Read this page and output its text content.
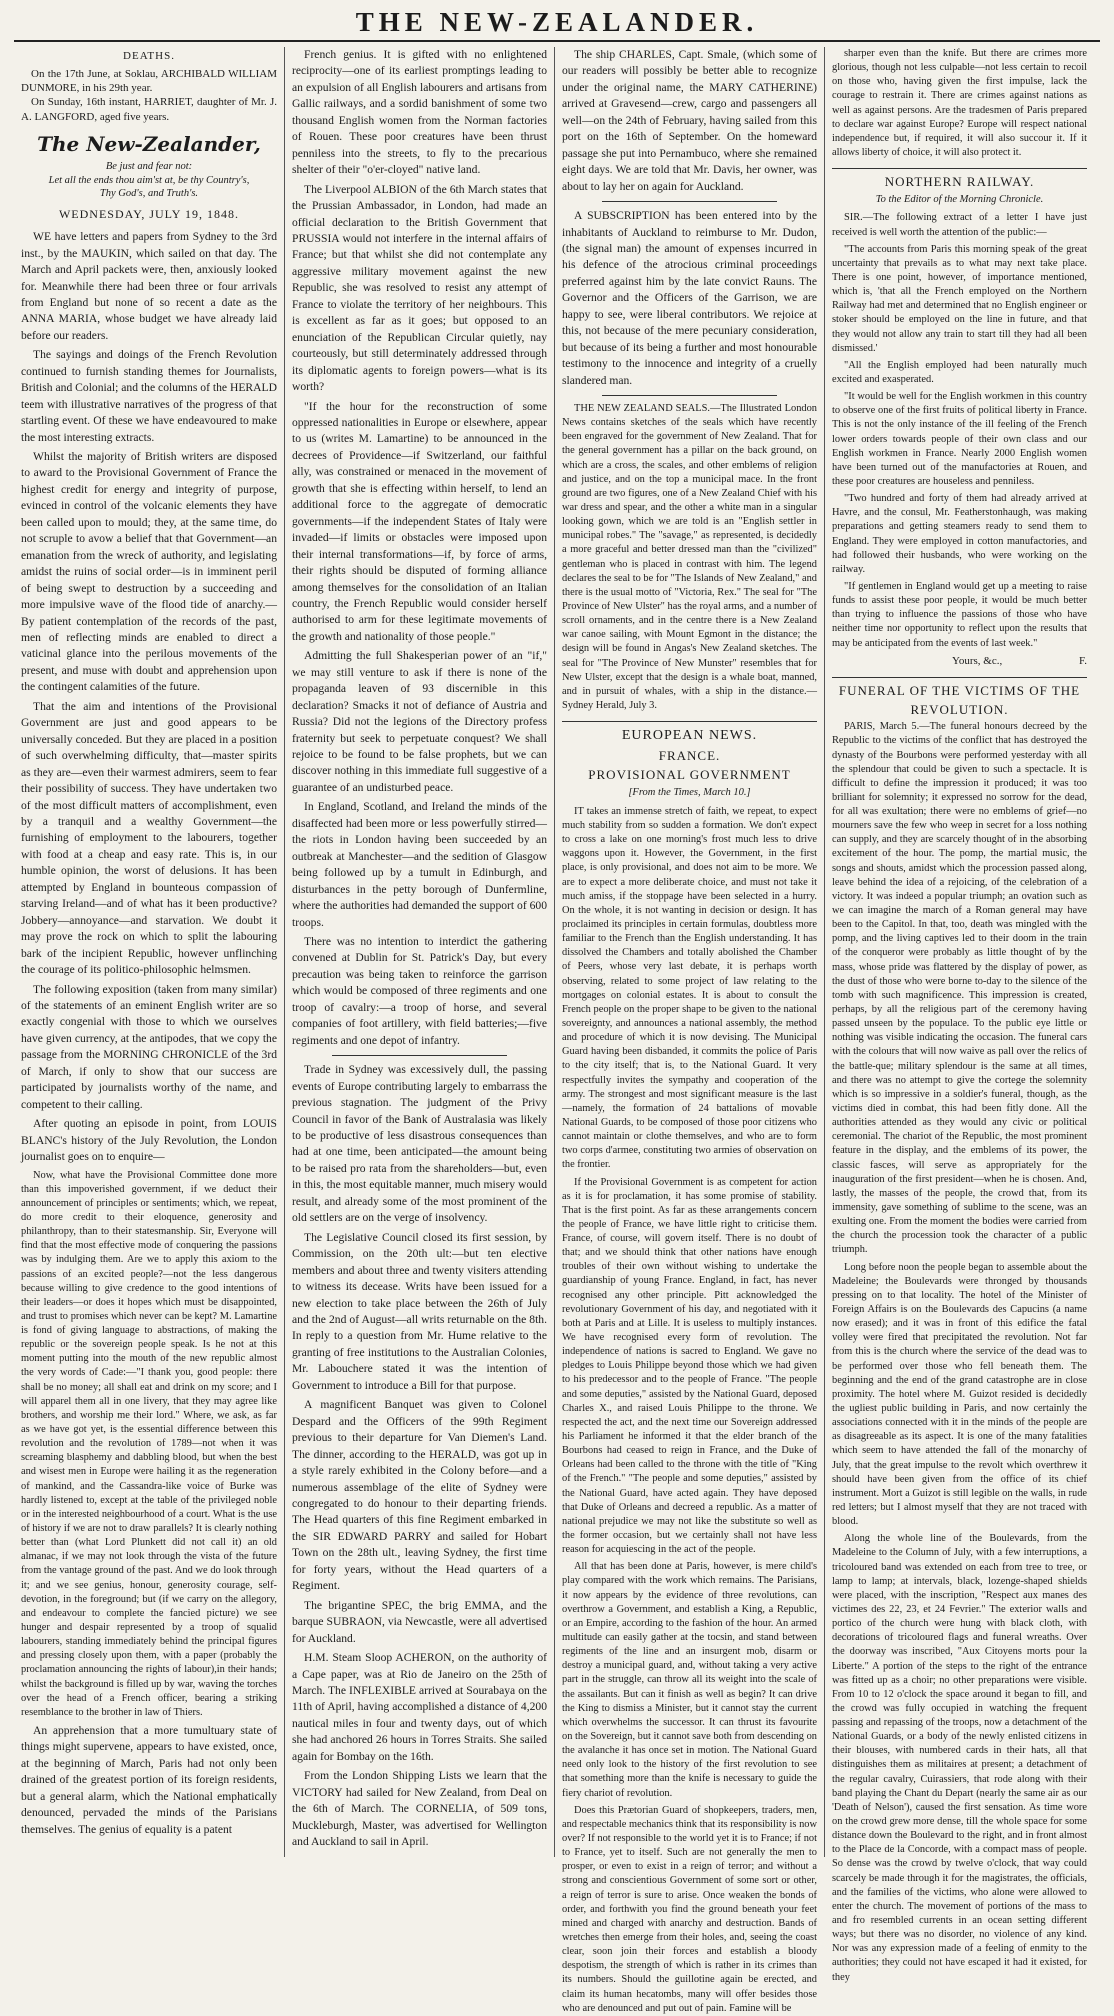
THE NEW-ZEALANDER.
DEATHS.
On the 17th June, at Soklau, ARCHIBALD WILLIAM DUNMORE, in his 29th year.
On Sunday, 16th instant, HARRIET, daughter of Mr. J. A. LANGFORD, aged five years.
The New-Zealander,
Be just and fear not:
Let all the ends thou aim'st at, be thy Country's,
Thy God's, and Truth's.
WEDNESDAY, JULY 19, 1848.

WE have letters and papers from Sydney to the 3rd inst., by the MAUKIN, which sailed on that day. The March and April packets were, then, anxiously looked for. Meanwhile there had been three or four arrivals from England but none of so recent a date as the ANNA MARIA, whose budget we have already laid before our readers.

The sayings and doings of the French Revolution continued to furnish standing themes for Journalists, British and Colonial; and the columns of the HERALD teem with illustrative narratives of the progress of that startling event. Of these we have endeavoured to make the most interesting extracts.

Whilst the majority of British writers are disposed to award to the Provisional Government of France the highest credit for energy and integrity of purpose, evinced in control of the volcanic elements they have been called upon to mould; they, at the same time, do not scruple to avow a belief that that Government—an emanation from the wreck of authority, and legislating amidst the ruins of social order—is in imminent peril of being swept to destruction by a succeeding and more impulsive wave of the flood tide of anarchy.—By patient contemplation of the records of the past, men of reflecting minds are enabled to direct a vaticinal glance into the perilous movements of the present, and muse with doubt and apprehension upon the contingent calamities of the future.

That the aim and intentions of the Provisional Government are just and good appears to be universally conceded. But they are placed in a position of such overwhelming difficulty, that—master spirits as they are—even their warmest admirers, seem to fear their possibility of success. They have undertaken two of the most difficult matters of accomplishment, even by a tranquil and a wealthy Government—the furnishing of employment to the labourers, together with food at a cheap and easy rate. This is, in our humble opinion, the worst of delusions. It has been attempted by England in bounteous compassion of starving Ireland—and of what has it been productive? Jobbery—annoyance—and starvation. We doubt it may prove the rock on which to split the labouring bark of the incipient Republic, however unflinching the courage of its politico-philosophic helmsmen.

The following exposition (taken from many similar) of the statements of an eminent English writer are so exactly congenial with those to which we ourselves have given currency, at the antipodes, that we copy the passage from the MORNING CHRONICLE of the 3rd of March, if only to show that our success are participated by journalists worthy of the name, and competent to their calling.

After quoting an episode in point, from LOUIS BLANC's history of the July Revolution, the London journalist goes on to enquire—

Now, what have the Provisional Committee done more than this impoverished government, if we deduct their announcement of principles or sentiments; which, we repeat, do more credit to their eloquence, generosity and philanthropy, than to their statesmanship. Sir, Everyone will find that the most effective mode of conquering the passions was by indulging them. Are we to apply this axiom to the passions of an excited people?—not the less dangerous because willing to give credence to the good intentions of their leaders—or does it hopes which must be disappointed, and trust to promises which never can be kept? M. Lamartine is fond of giving language to abstractions, of making the republic or the sovereign people speak. Is he not at this moment putting into the mouth of the new republic almost the very words of Cade:—"I thank you, good people: there shall be no money; all shall eat and drink on my score; and I will apparel them all in one livery, that they may agree like brothers, and worship me their lord." Where, we ask, as far as we have got yet, is the essential difference between this revolution and the revolution of 1789—not when it was screaming blasphemy and dabbling blood, but when the best and wisest men in Europe were hailing it as the regeneration of mankind, and the Cassandra-like voice of Burke was hardly listened to, except at the table of the privileged noble or in the interested neighbourhood of a court. What is the use of history if we are not to draw parallels? It is clearly nothing better than (what Lord Plunkett did not call it) an old almanac, if we may not look through the vista of the future from the vantage ground of the past. And we do look through it; and we see genius, honour, generosity courage, self-devotion, in the foreground; but (if we carry on the allegory, and endeavour to complete the fancied picture) we see hunger and despair represented by a troop of squalid labourers, standing immediately behind the principal figures and pressing closely upon them, with a paper (probably the proclamation announcing the rights of labour),in their hands; whilst the background is filled up by war, waving the torches over the head of a French officer, bearing a striking resemblance to the brother in law of Thiers.

An apprehension that a more tumultuary state of things might supervene, appears to have existed, once, at the beginning of March, Paris had not only been drained of the greatest portion of its foreign residents, but a general alarm, which the National emphatically denounced, pervaded the minds of the Parisians themselves. The genius of equality is a patent

French genius. It is gifted with no enlightened reciprocity—one of its earliest promptings leading to an expulsion of all English labourers and artisans from Gallic railways, and a sordid banishment of some two thousand English women from the Norman factories of Rouen. These poor creatures have been thrust penniless into the streets, to fly to the precarious shelter of their "o'er-cloyed" native land.

The Liverpool ALBION of the 6th March states that the Prussian Ambassador, in London, had made an official declaration to the British Government that PRUSSIA would not interfere in the internal affairs of France; but that whilst she did not contemplate any aggressive military movement against the new Republic, she was resolved to resist any attempt of France to violate the territory of her neighbours. This is excellent as far as it goes; but opposed to an enunciation of the Republican Circular quietly, nay courteously, but still determinately addressed through its diplomatic agents to foreign powers—what is its worth?

"If the hour for the reconstruction of some oppressed nationalities in Europe or elsewhere, appear to us (writes M. Lamartine) to be announced in the decrees of Providence—if Switzerland, our faithful ally, was constrained or menaced in the movement of growth that she is effecting within herself, to lend an additional force to the aggregate of democratic governments—if the independent States of Italy were invaded—if limits or obstacles were imposed upon their internal transformations—if, by force of arms, their rights should be disputed of forming alliance among themselves for the consolidation of an Italian country, the French Republic would consider herself authorised to arm for these legitimate movements of the growth and nationality of those people."

Admitting the full Shakesperian power of an "if," we may still venture to ask if there is none of the propaganda leaven of 93 discernible in this declaration? Smacks it not of defiance of Austria and Russia? Did not the legions of the Directory profess fraternity but seek to perpetuate conquest? We shall rejoice to be found to be false prophets, but we can discover nothing in this immediate full suggestive of a guarantee of an undisturbed peace.

In England, Scotland, and Ireland the minds of the disaffected had been more or less powerfully stirred—the riots in London having been succeeded by an outbreak at Manchester—and the sedition of Glasgow being followed up by a tumult in Edinburgh, and disturbances in the petty borough of Dunfermline, where the authorities had demanded the support of 600 troops.

There was no intention to interdict the gathering convened at Dublin for St. Patrick's Day, but every precaution was being taken to reinforce the garrison which would be composed of three regiments and one troop of cavalry:—a troop of horse, and several companies of foot artillery, with field batteries;—five regiments and one depot of infantry.

Trade in Sydney was excessively dull, the passing events of Europe contributing largely to embarrass the previous stagnation. The judgment of the Privy Council in favor of the Bank of Australasia was likely to be productive of less disastrous consequences than had at one time, been anticipated—the amount being to be raised pro rata from the shareholders—but, even in this, the most equitable manner, much misery would result, and already some of the most prominent of the old settlers are on the verge of insolvency.

The Legislative Council closed its first session, by Commission, on the 20th ult:—but ten elective members and about three and twenty visiters attending to witness its decease. Writs have been issued for a new election to take place between the 26th of July and the 2nd of August—all writs returnable on the 8th. In reply to a question from Mr. Hume relative to the granting of free institutions to the Australian Colonies, Mr. Labouchere stated it was the intention of Government to introduce a Bill for that purpose.

A magnificent Banquet was given to Colonel Despard and the Officers of the 99th Regiment previous to their departure for Van Diemen's Land. The dinner, according to the HERALD, was got up in a style rarely exhibited in the Colony before—and a numerous assemblage of the elite of Sydney were congregated to do honour to their departing friends. The Head quarters of this fine Regiment embarked in the SIR EDWARD PARRY and sailed for Hobart Town on the 28th ult., leaving Sydney, the first time for forty years, without the Head quarters of a Regiment.

The brigantine SPEC, the brig EMMA, and the barque SUBRAON, via Newcastle, were all advertised for Auckland.

H.M. Steam Sloop ACHERON, on the authority of a Cape paper, was at Rio de Janeiro on the 25th of March. The INFLEXIBLE arrived at Sourabaya on the 11th of April, having accomplished a distance of 4,200 nautical miles in four and twenty days, out of which she had anchored 26 hours in Torres Straits. She sailed again for Bombay on the 16th.

From the London Shipping Lists we learn that the VICTORY had sailed for New Zealand, from Deal on the 6th of March. The CORNELIA, of 509 tons, Muckleburgh, Master, was advertised for Wellington and Auckland to sail in April.

The ship CHARLES, Capt. Smale, (which some of our readers will possibly be better able to recognize under the original name, the MARY CATHERINE) arrived at Gravesend—crew, cargo and passengers all well—on the 24th of February, having sailed from this port on the 16th of September. On the homeward passage she put into Pernambuco, where she remained eight days. We are told that Mr. Davis, her owner, was about to lay her on again for Auckland.

A SUBSCRIPTION has been entered into by the inhabitants of Auckland to reimburse to Mr. Dudon, (the signal man) the amount of expenses incurred in his defence of the atrocious criminal proceedings preferred against him by the late convict Rauns. The Governor and the Officers of the Garrison, we are happy to see, were liberal contributors. We rejoice at this, not because of the mere pecuniary consideration, but because of its being a further and most honourable testimony to the innocence and integrity of a cruelly slandered man.

THE NEW ZEALAND SEALS.—The Illustrated London News contains sketches of the seals which have recently been engraved for the government of New Zealand. That for the general government has a pillar on the back ground, on which are a cross, the scales, and other emblems of religion and justice, and on the top a municipal mace. In the front ground are two figures, one of a New Zealand Chief with his war dress and spear, and the other a white man in a singular looking gown, which we are told is an "English settler in municipal robes." The "savage," as represented, is decidedly a more graceful and better dressed man than the "civilized" gentleman who is placed in contrast with him. The legend declares the seal to be for "The Islands of New Zealand," and there is the usual motto of "Victoria, Rex." The seal for "The Province of New Ulster" has the royal arms, and a number of scroll ornaments, and in the centre there is a New Zealand war canoe sailing, with Mount Egmont in the distance; the design will be found in Angas's New Zealand sketches. The seal for "The Province of New Munster" resembles that for New Ulster, except that the design is a whale boat, manned, and in pursuit of whales, with a ship in the distance.—Sydney Herald, July 3.

EUROPEAN NEWS.
FRANCE.
PROVISIONAL GOVERNMENT
[From the Times, March 10.]

IT takes an immense stretch of faith, we repeat, to expect much stability from so sudden a formation. We don't expect to cross a lake on one morning's frost much less to drive waggons upon it. However, the Government, in the first place, is only provisional, and does not aim to be more. We are to expect a more deliberate choice, and must not take it much amiss, if the stoppage have been selected in a hurry. On the whole, it is not wanting in decision or design. It has proclaimed its principles in certain formulas, doubtless more familiar to the French than the English understanding. It has dissolved the Chambers and totally abolished the Chamber of Peers, whose very last debate, it is perhaps worth observing, related to some project of law relating to the mortgages on colonial estates. It is about to consult the French people on the proper shape to be given to the national sovereignty, and announces a national assembly, the method and procedure of which it is now devising. The Municipal Guard having been disbanded, it commits the police of Paris to the city itself; that is, to the National Guard. It very respectfully invites the sympathy and cooperation of the army. The strongest and most significant measure is the last—namely, the formation of 24 battalions of movable National Guards, to be composed of those poor citizens who cannot maintain or clothe themselves, and who are to form two corps d'armee, constituting two armies of observation on the frontier.

If the Provisional Government is as competent for action as it is for proclamation, it has some promise of stability. That is the first point. As far as these arrangements concern the people of France, we have little right to criticise them. France, of course, will govern itself. There is no doubt of that; and we should think that other nations have enough troubles of their own without wishing to undertake the guardianship of young France. England, in fact, has never recognised any other principle. Pitt acknowledged the revolutionary Government of his day, and negotiated with it both at Paris and at Lille. It is useless to multiply instances. We have recognised every form of revolution. The independence of nations is sacred to England. We gave no pledges to Louis Philippe beyond those which we had given to his predecessor and to the people of France. "The people and some deputies," assisted by the National Guard, deposed Charles X., and raised Louis Philippe to the throne. We respected the act, and the next time our Sovereign addressed his Parliament he informed it that the elder branch of the Bourbons had ceased to reign in France, and the Duke of Orleans had been called to the throne with the title of "King of the French." "The people and some deputies," assisted by the National Guard, have acted again. They have deposed that Duke of Orleans and decreed a republic. As a matter of national prejudice we may not like the substitute so well as the former occasion, but we certainly shall not have less reason for acquiescing in the act of the people.

All that has been done at Paris, however, is mere child's play compared with the work which remains. The Parisians, it now appears by the evidence of three revolutions, can overthrow a Government, and establish a King, a Republic, or an Empire, according to the fashion of the hour. An armed multitude can easily gather at the tocsin, and stand between regiments of the line and an insurgent mob, disarm or destroy a municipal guard, and, without taking a very active part in the struggle, can throw all its weight into the scale of the assailants. But can it finish as well as begin? It can drive the King to dismiss a Minister, but it cannot stay the current which overwhelms the successor. It can thrust its favourite on the Sovereign, but it cannot save both from descending on the avalanche it has once set in motion. The National Guard need only look to the history of the first revolution to see that something more than the knife is necessary to guide the fiery chariot of revolution.

Does this Prætorian Guard of shopkeepers, traders, men, and respectable mechanics think that its responsibility is now over? If not responsible to the world yet it is to France; if not to France, yet to itself. Such are not generally the men to prosper, or even to exist in a reign of terror; and without a strong and conscientious Government of some sort or other, a reign of terror is sure to arise. Once weaken the bonds of order, and forthwith you find the ground beneath your feet mined and charged with anarchy and destruction. Bands of wretches then emerge from their holes, and, seeing the coast clear, soon join their forces and establish a bloody despotism, the strength of which is rather in its crimes than its numbers. Should the guillotine again be erected, and claim its human hecatombs, many will offer besides those who are denounced and put out of pain. Famine will be

sharper even than the knife. But there are crimes more glorious, though not less culpable—not less certain to recoil on those who, having given the first impulse, lack the courage to restrain it. There are crimes against nations as well as against persons. Are the tradesmen of Paris prepared to declare war against Europe? Europe will respect national independence but, if required, it will also succour it. If it allows liberty of choice, it will also protect it.

NORTHERN RAILWAY.
To the Editor of the Morning Chronicle.

SIR.—The following extract of a letter I have just received is well worth the attention of the public:—

"The accounts from Paris this morning speak of the great uncertainty that prevails as to what may next take place. There is one point, however, of importance mentioned, which is, 'that all the French employed on the Northern Railway had met and determined that no English engineer or stoker should be employed on the line in future, and that they would not allow any train to start till they had all been dismissed.'

"All the English employed had been naturally much excited and exasperated.

"It would be well for the English workmen in this country to observe one of the first fruits of political liberty in France. This is not the only instance of the ill feeling of the French lower orders towards people of their own class and our English workmen in France. Nearly 2000 English women have been turned out of the manufactories at Rouen, and these poor creatures are houseless and penniless.

"Two hundred and forty of them had already arrived at Havre, and the consul, Mr. Featherstonhaugh, was making preparations and getting steamers ready to send them to England. They were employed in cotton manufactories, and had followed their husbands, who were working on the railway.

"If gentlemen in England would get up a meeting to raise funds to assist these poor people, it would be much better than trying to influence the passions of those who have neither time nor opportunity to reflect upon the results that may be anticipated from the events of last week."

Yours, &c.,	F.
FUNERAL OF THE VICTIMS OF THE REVOLUTION.

PARIS, March 5.—The funeral honours decreed by the Republic to the victims of the conflict that has destroyed the dynasty of the Bourbons were performed yesterday with all the splendour that could be given to such a spectacle. It is difficult to define the impression it produced; it was too brilliant for solemnity; it expressed no sorrow for the dead, for all was exultation; there were no emblems of grief—no mourners save the few who weep in secret for a loss nothing can supply, and they are scarcely thought of in the absorbing excitement of the hour. The pomp, the martial music, the songs and shouts, amidst which the procession passed along, leave behind the idea of a rejoicing, of the celebration of a victory. It was indeed a popular triumph; an ovation such as we can imagine the march of a Roman general may have been to the Capitol. In that, too, death was mingled with the pomp, and the living captives led to their doom in the train of the conqueror were probably as little thought of by the mass, whose pride was flattered by the display of power, as the dust of those who were borne to-day to the silence of the tomb with such magnificence. This impression is created, perhaps, by all the religious part of the ceremony having passed unseen by the populace. To the public eye little or nothing was visible indicating the occasion. The funeral cars with the colours that will now waive as pall over the relics of the battle-que; military splendour is the same at all times, and there was no attempt to give the cortege the solemnity which is so impressive in a soldier's funeral, though, as the victims died in combat, this had been fitly done. All the authorities attended as they would any civic or political ceremonial. The chariot of the Republic, the most prominent feature in the display, and the emblems of its power, the classic fasces, will serve as appropriately for the inauguration of the first president—when he is chosen. And, lastly, the masses of the people, the crowd that, from its immensity, gave something of sublime to the scene, was an exulting one. From the moment the bodies were carried from the church the procession took the character of a public triumph.

Long before noon the people began to assemble about the Madeleine; the Boulevards were thronged by thousands pressing on to that locality. The hotel of the Minister of Foreign Affairs is on the Boulevards des Capucins (a name now erased); and it was in front of this edifice the fatal volley were fired that precipitated the revolution. Not far from this is the church where the service of the dead was to be performed over those who fell beneath them. The beginning and the end of the grand catastrophe are in close proximity. The hotel where M. Guizot resided is decidedly the ugliest public building in Paris, and now certainly the associations connected with it in the minds of the people are as disagreeable as its aspect. It is one of the many fatalities which seem to have attended the fall of the monarchy of July, that the great impulse to the revolt which overthrew it should have been given from the office of its chief instrument. Mort a Guizot is still legible on the walls, in rude red letters; but I almost myself that they are not traced with blood.

Along the whole line of the Boulevards, from the Madeleine to the Column of July, with a few interruptions, a tricoloured band was extended on each from tree to tree, or lamp to lamp; at intervals, black, lozenge-shaped shields were placed, with the inscription, "Respect aux manes des victimes des 22, 23, et 24 Fevrier." The exterior walls and portico of the church were hung with black cloth, with decorations of tricoloured flags and funeral wreaths. Over the doorway was inscribed, "Aux Citoyens morts pour la Liberte." A portion of the steps to the right of the entrance was fitted up as a choir; no other preparations were visible. From 10 to 12 o'clock the space around it began to fill, and the crowd was fully occupied in watching the frequent passing and repassing of the troops, now a detachment of the National Guards, or a body of the newly enlisted citizens in their blouses, with numbered cards in their hats, all that distinguishes them as militaires at present; a detachment of the regular cavalry, Cuirassiers, that rode along with their band playing the Chant du Depart (nearly the same air as our 'Death of Nelson'), caused the first sensation. As time wore on the crowd grew more dense, till the whole space for some distance down the Boulevard to the right, and in front almost to the Place de la Concorde, with a compact mass of people. So dense was the crowd by twelve o'clock, that way could scarcely be made through it for the magistrates, the officials, and the families of the victims, who alone were allowed to enter the church. The movement of portions of the mass to and fro resembled currents in an ocean setting different ways; but there was no disorder, no violence of any kind. Nor was any expression made of a feeling of enmity to the authorities; they could not have escaped it had it existed, for they
